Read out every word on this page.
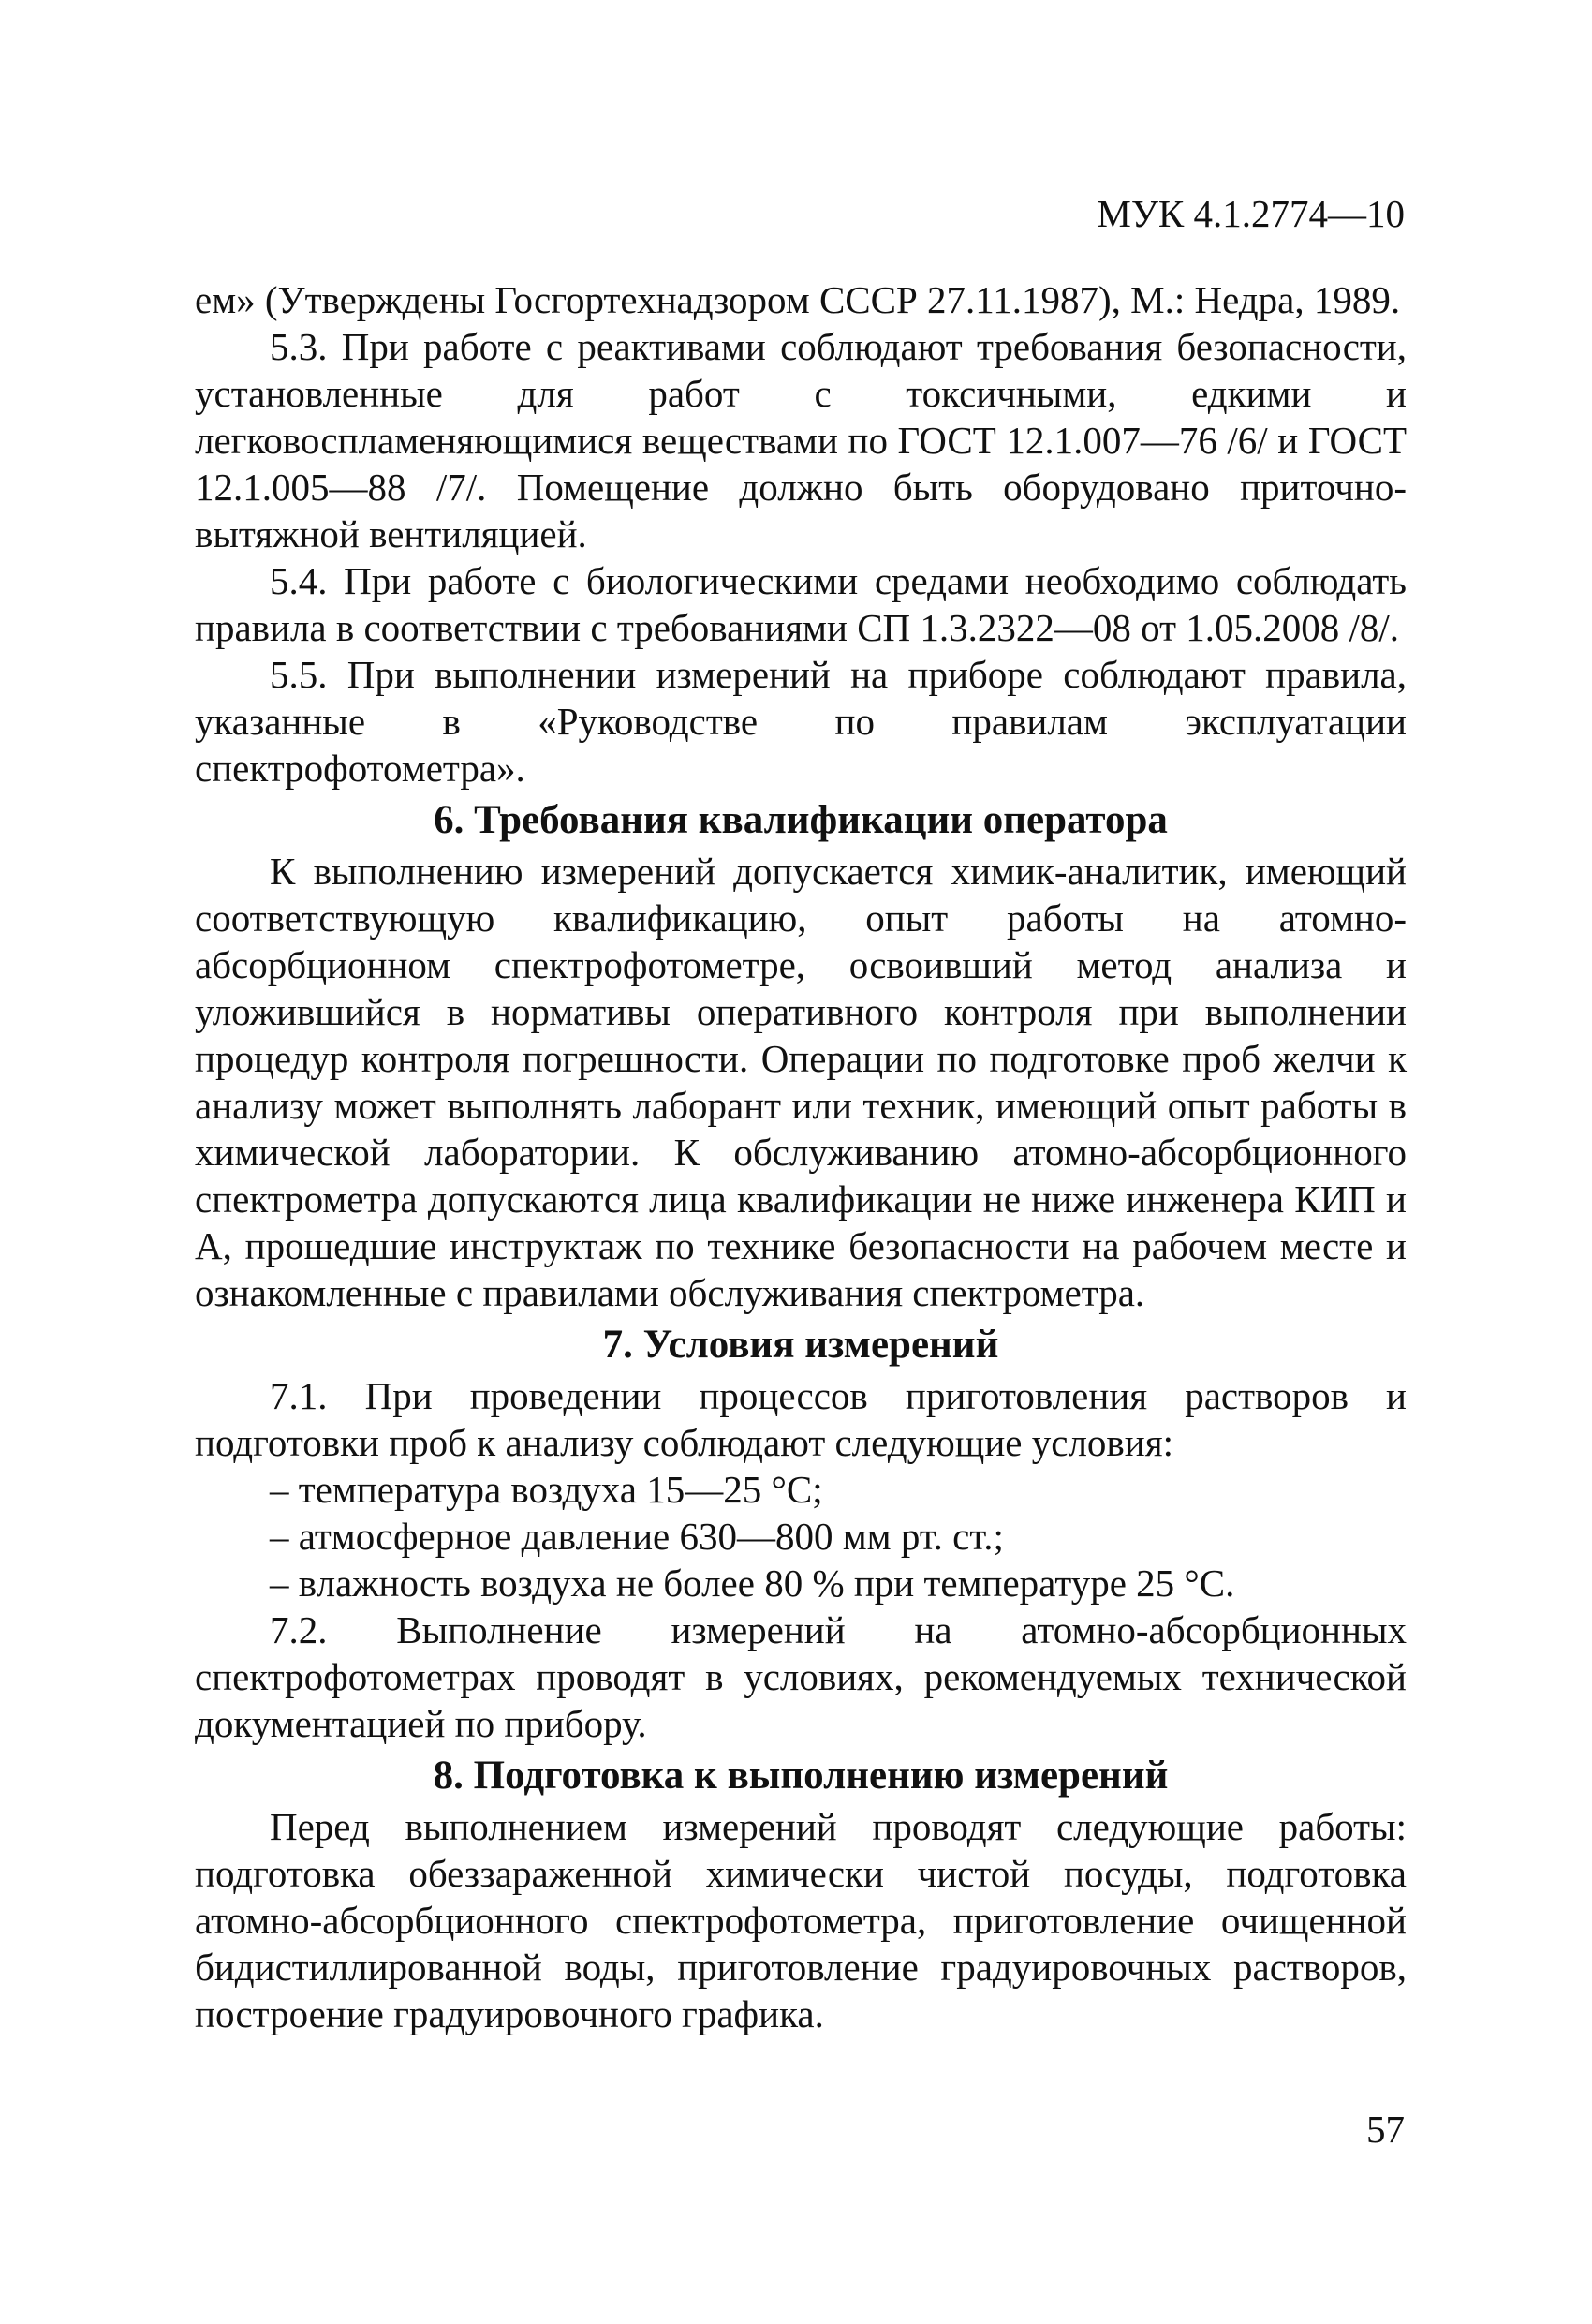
МУК 4.1.2774—10

ем» (Утверждены Госгортехнадзором СССР 27.11.1987), М.: Недра, 1989.

5.3. При работе с реактивами соблюдают требования безопасности, установленные для работ с токсичными, едкими и легковоспламеняющимися веществами по ГОСТ 12.1.007—76 /6/ и ГОСТ 12.1.005—88 /7/. Помещение должно быть оборудовано приточно-вытяжной вентиляцией.

5.4. При работе с биологическими средами необходимо соблюдать правила в соответствии с требованиями СП 1.3.2322—08 от 1.05.2008 /8/.

5.5. При выполнении измерений на приборе соблюдают правила, указанные в «Руководстве по правилам эксплуатации спектрофотометра».

6. Требования квалификации оператора

К выполнению измерений допускается химик-аналитик, имеющий соответствующую квалификацию, опыт работы на атомно-абсорбционном спектрофотометре, освоивший метод анализа и уложившийся в нормативы оперативного контроля при выполнении процедур контроля погрешности. Операции по подготовке проб желчи к анализу может выполнять лаборант или техник, имеющий опыт работы в химической лаборатории. К обслуживанию атомно-абсорбционного спектрометра допускаются лица квалификации не ниже инженера КИП и А, прошедшие инструктаж по технике безопасности на рабочем месте и ознакомленные с правилами обслуживания спектрометра.

7. Условия измерений

7.1. При проведении процессов приготовления растворов и подготовки проб к анализу соблюдают следующие условия:

– температура воздуха 15—25 °C;

– атмосферное давление 630—800 мм рт. ст.;

– влажность воздуха не более 80 % при температуре 25 °C.

7.2. Выполнение измерений на атомно-абсорбционных спектрофотометрах проводят в условиях, рекомендуемых технической документацией по прибору.

8. Подготовка к выполнению измерений

Перед выполнением измерений проводят следующие работы: подготовка обеззараженной химически чистой посуды, подготовка атомно-абсорбционного спектрофотометра, приготовление очищенной бидистиллированной воды, приготовление градуировочных растворов, построение градуировочного графика.

57
